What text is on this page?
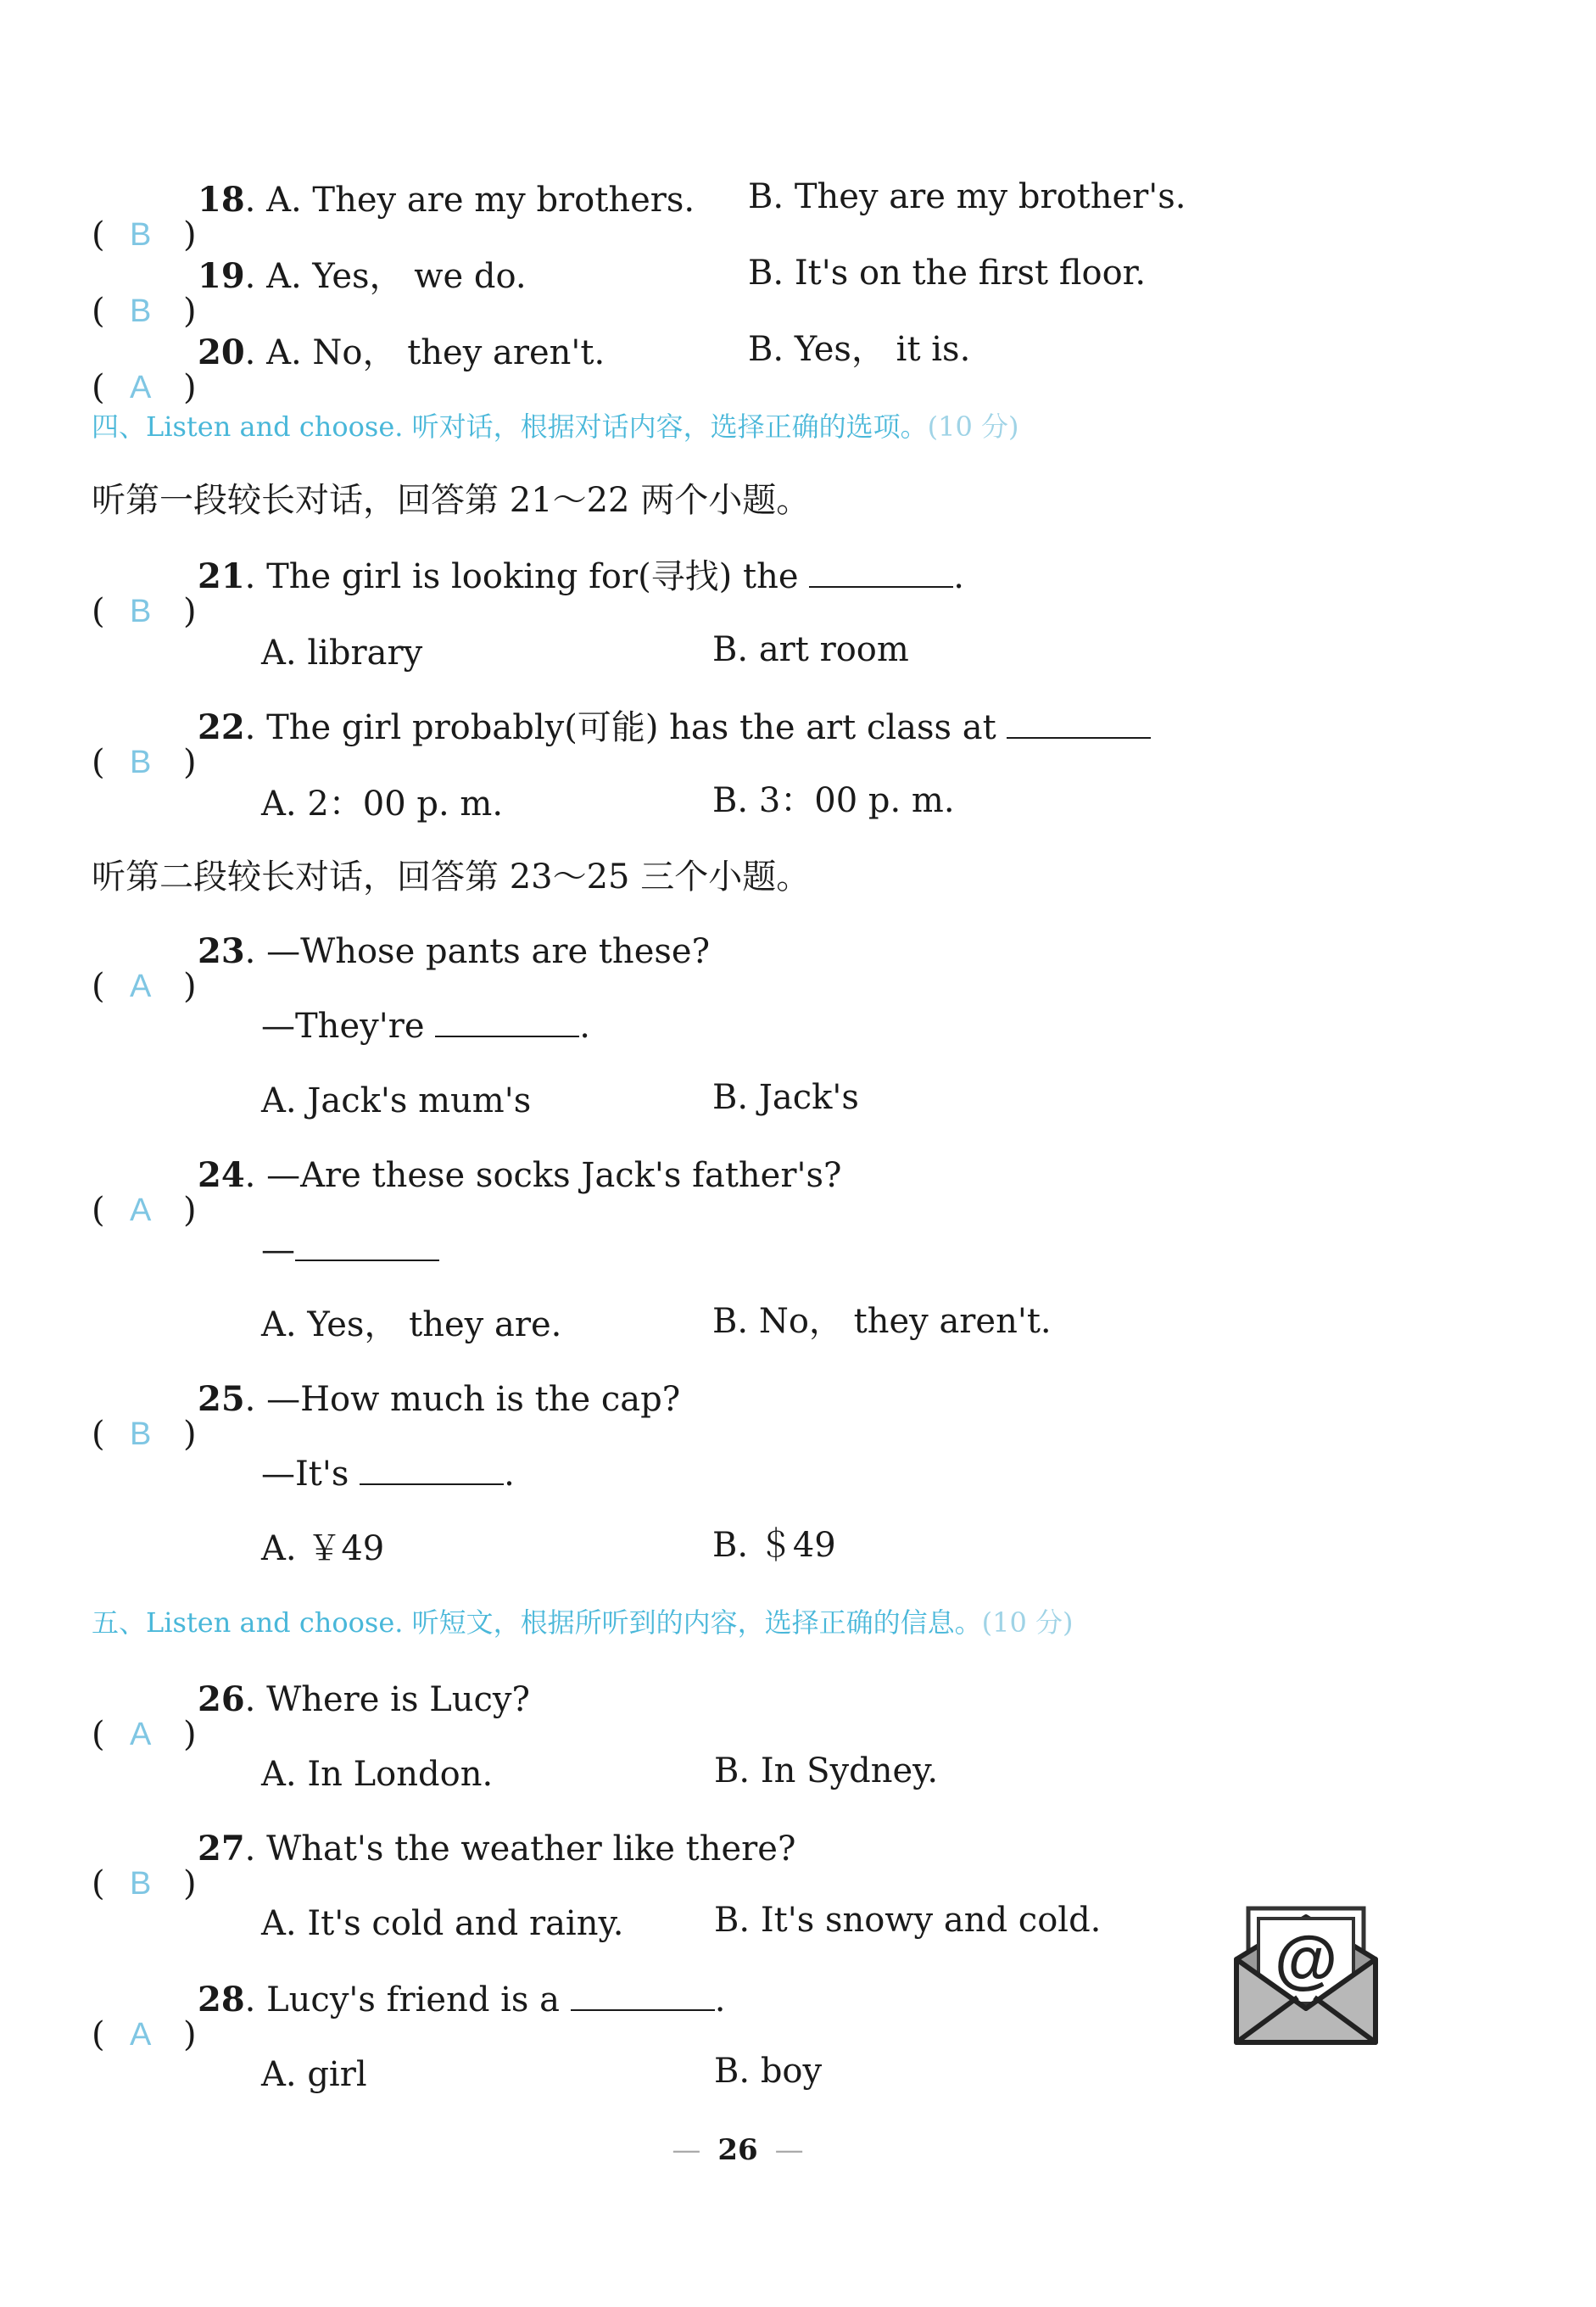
( B )
18. A. They are my brothers. B. They are my brother's.
( B )
19. A. Yes， we do.	B. It's on the first floor.
( A )
20. A. No， they aren't.	B. Yes， it is.
四、Listen and choose. 听对话，根据对话内容，选择正确的选项。(10 分)
听第一段较长对话，回答第 21～22 两个小题。
( B )
21. The girl is looking for(寻找) the	.
A. library	B. art room
( B )
22. The girl probably(可能) has the art class at
A. 2：00 p. m.	B. 3：00 p. m.
听第二段较长对话，回答第 23～25 三个小题。
( A )
23. —Whose pants are these?
—They're	.
A. Jack's mum's	B. Jack's
( A )
24. —Are these socks Jack's father's?
—
A. Yes， they are.	B. No， they aren't.
( B )
25. —How much is the cap?
—It's	.
A. ￥49	B. ＄49
五、Listen and choose. 听短文，根据所听到的内容，选择正确的信息。(10 分)
( A )
26. Where is Lucy?
A. In London.	B. In Sydney.
( B )
27. What's the weather like there?
A. It's cold and rainy.	B. It's snowy and cold.
( A )
28. Lucy's friend is a	.
A. girl	B. boy
@
— 26 —
